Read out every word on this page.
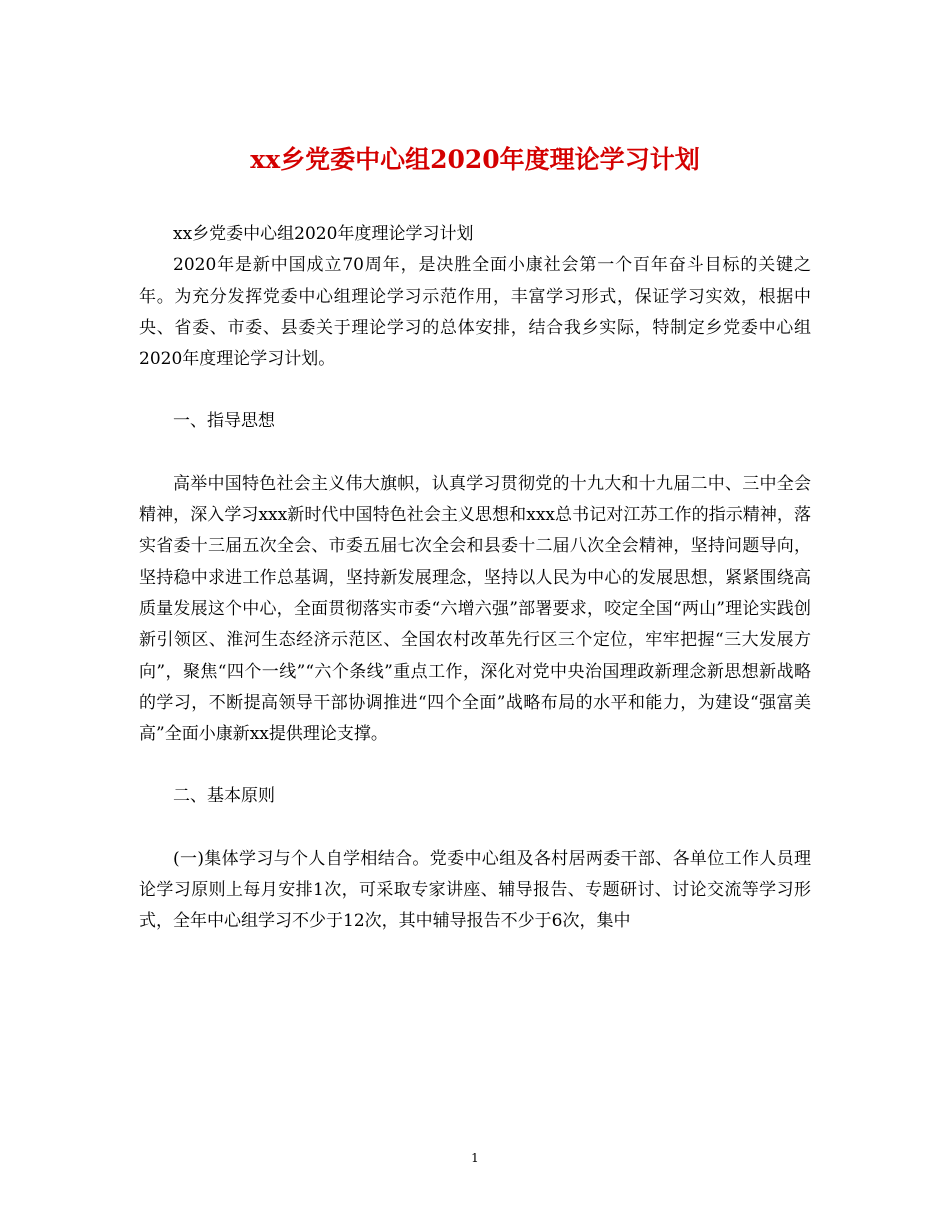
xx乡党委中心组2020年度理论学习计划

xx乡党委中心组2020年度理论学习计划

2020年是新中国成立70周年，是决胜全面小康社会第一个百年奋斗目标的关键之年。为充分发挥党委中心组理论学习示范作用，丰富学习形式，保证学习实效，根据中央、省委、市委、县委关于理论学习的总体安排，结合我乡实际，特制定乡党委中心组2020年度理论学习计划。

一、指导思想

高举中国特色社会主义伟大旗帜，认真学习贯彻党的十九大和十九届二中、三中全会精神，深入学习xxx新时代中国特色社会主义思想和xxx总书记对江苏工作的指示精神，落实省委十三届五次全会、市委五届七次全会和县委十二届八次全会精神，坚持问题导向，坚持稳中求进工作总基调，坚持新发展理念，坚持以人民为中心的发展思想，紧紧围绕高质量发展这个中心，全面贯彻落实市委“六增六强”部署要求，咬定全国“两山”理论实践创新引领区、淮河生态经济示范区、全国农村改革先行区三个定位，牢牢把握“三大发展方向”，聚焦“四个一线”“六个条线”重点工作，深化对党中央治国理政新理念新思想新战略的学习，不断提高领导干部协调推进“四个全面”战略布局的水平和能力，为建设“强富美高”全面小康新xx提供理论支撑。

二、基本原则

(一)集体学习与个人自学相结合。党委中心组及各村居两委干部、各单位工作人员理论学习原则上每月安排1次，可采取专家讲座、辅导报告、专题研讨、讨论交流等学习形式，全年中心组学习不少于12次，其中辅导报告不少于6次，集中

1
